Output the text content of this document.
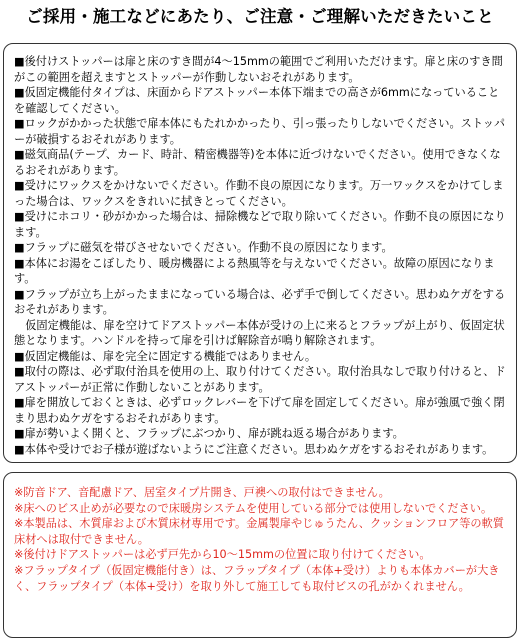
ご採用・施工などにあたり、ご注意・ご理解いただきたいこと

■後付けストッパーは扉と床のすき間が4～15mmの範囲でご利用いただけます。扉と床のすき間がこの範囲を超えますとストッパーが作動しないおそれがあります。

■仮固定機能付タイプは、床面からドアストッパー本体下端までの高さが6mmになっていることを確認してください。

■ロックがかかった状態で扉本体にもたれかかったり、引っ張ったりしないでください。ストッパーが破損するおそれがあります。

■磁気商品(テープ、カード、時計、精密機器等)を本体に近づけないでください。使用できなくなるおそれがあります。

■受けにワックスをかけないでください。作動不良の原因になります。万一ワックスをかけてしまった場合は、ワックスをきれいに拭きとってください。

■受けにホコリ・砂がかかった場合は、掃除機などで取り除いてください。作動不良の原因になります。

■フラップに磁気を帯びさせないでください。作動不良の原因になります。

■本体にお湯をこぼしたり、暖房機器による熱風等を与えないでください。故障の原因になります。

■フラップが立ち上がったままになっている場合は、必ず手で倒してください。思わぬケガをするおそれがあります。

　仮固定機能は、扉を空けてドアストッパー本体が受けの上に来るとフラップが上がり、仮固定状態となります。ハンドルを持って扉を引けば解除音が鳴り解除されます。

■仮固定機能は、扉を完全に固定する機能ではありません。

■取付の際は、必ず取付治具を使用の上、取り付けてください。取付治具なしで取り付けると、ドアストッパーが正常に作動しないことがあります。

■扉を開放しておくときは、必ずロックレバーを下げて扉を固定してください。扉が強風で強く閉まり思わぬケガをするおそれがあります。

■扉が勢いよく開くと、フラップにぶつかり、扉が跳ね返る場合があります。

■本体や受けでお子様が遊ばないようにご注意ください。思わぬケガをするおそれがあります。

※防音ドア、音配慮ドア、居室タイプ片開き、戸襖への取付はできません。

※床へのビス止めが必要なので床暖房システムを使用している部分では使用しないでください。

※本製品は、木質扉および木質床材専用です。金属製扉やじゅうたん、クッションフロア等の軟質床材へは取付できません。

※後付けドアストッパーは必ず戸先から10～15mmの位置に取り付けてください。

※フラップタイプ（仮固定機能付き）は、フラップタイプ（本体+受け）よりも本体カバーが大きく、フラップタイプ（本体+受け）を取り外して施工しても取付ビスの孔がかくれません。
